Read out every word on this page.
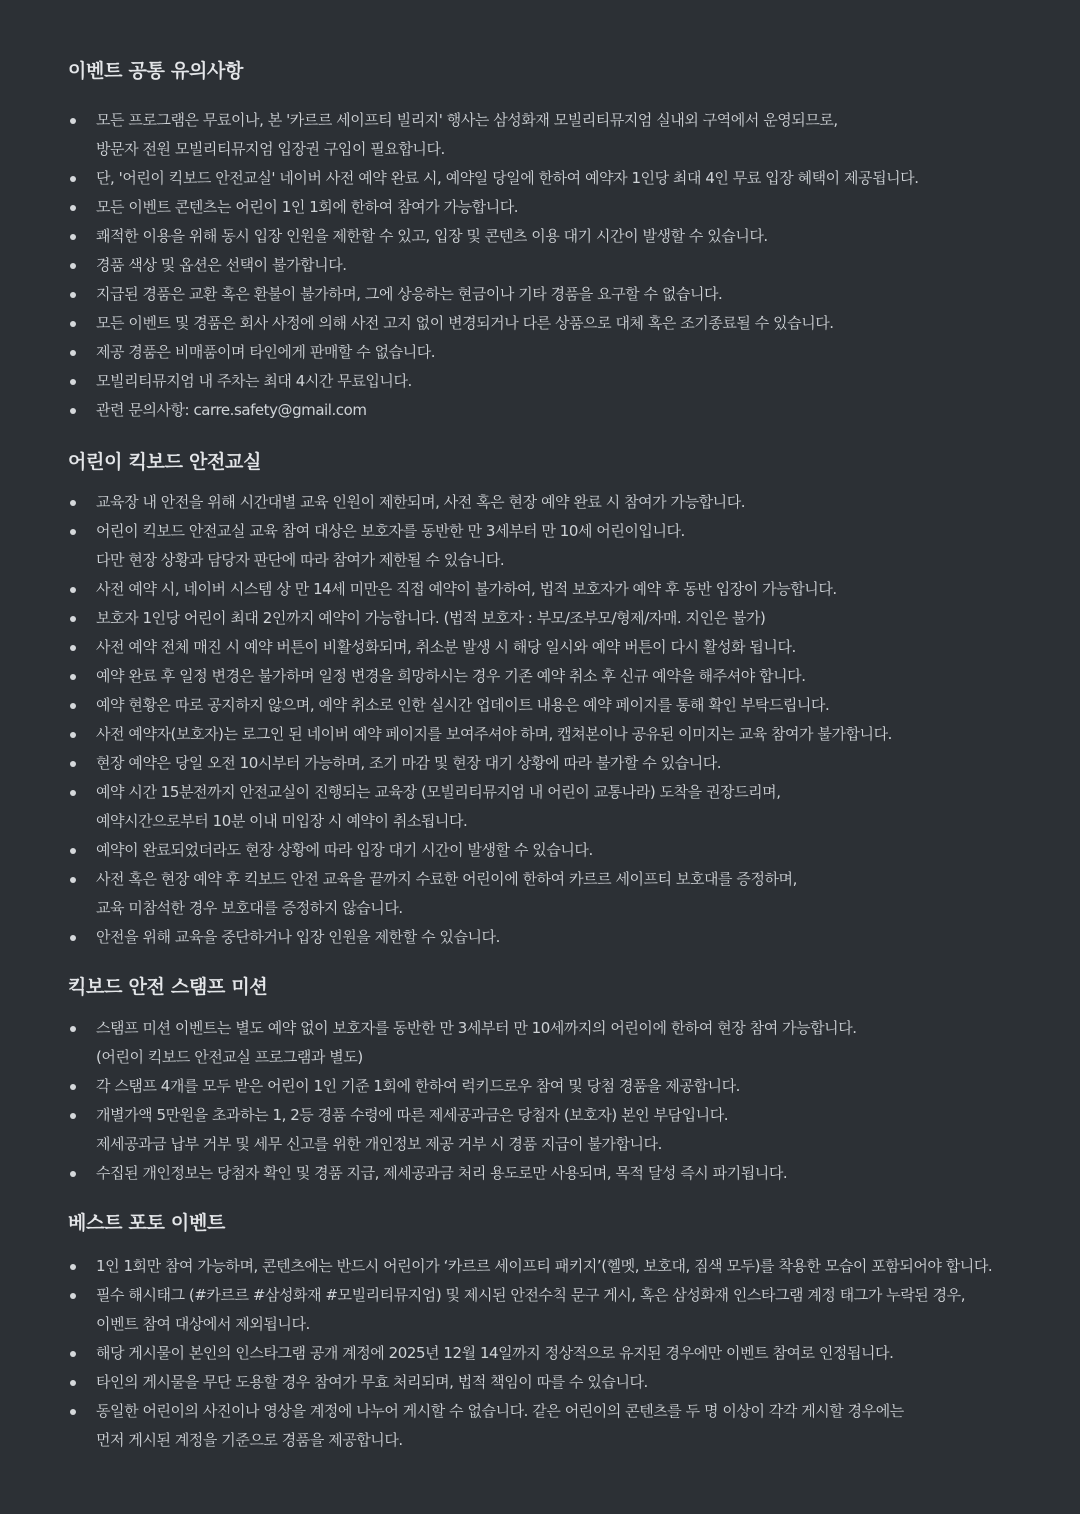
이벤트 공통 유의사항
모든 프로그램은 무료이나, 본 '카르르 세이프티 빌리지' 행사는 삼성화재 모빌리티뮤지엄 실내외 구역에서 운영되므로,
방문자 전원 모빌리티뮤지엄 입장권 구입이 필요합니다.
단, '어린이 킥보드 안전교실' 네이버 사전 예약 완료 시, 예약일 당일에 한하여 예약자 1인당 최대 4인 무료 입장 혜택이 제공됩니다.
모든 이벤트 콘텐츠는 어린이 1인 1회에 한하여 참여가 가능합니다.
쾌적한 이용을 위해 동시 입장 인원을 제한할 수 있고, 입장 및 콘텐츠 이용 대기 시간이 발생할 수 있습니다.
경품 색상 및 옵션은 선택이 불가합니다.
지급된 경품은 교환 혹은 환불이 불가하며, 그에 상응하는 현금이나 기타 경품을 요구할 수 없습니다.
모든 이벤트 및 경품은 회사 사정에 의해 사전 고지 없이 변경되거나 다른 상품으로 대체 혹은 조기종료될 수 있습니다.
제공 경품은 비매품이며 타인에게 판매할 수 없습니다.
모빌리티뮤지엄 내 주차는 최대 4시간 무료입니다.
관련 문의사항: carre.safety@gmail.com
어린이 킥보드 안전교실
교육장 내 안전을 위해 시간대별 교육 인원이 제한되며, 사전 혹은 현장 예약 완료 시 참여가 가능합니다.
어린이 킥보드 안전교실 교육 참여 대상은 보호자를 동반한 만 3세부터 만 10세 어린이입니다.
다만 현장 상황과 담당자 판단에 따라 참여가 제한될 수 있습니다.
사전 예약 시, 네이버 시스템 상 만 14세 미만은 직접 예약이 불가하여, 법적 보호자가 예약 후 동반 입장이 가능합니다.
보호자 1인당 어린이 최대 2인까지 예약이 가능합니다. (법적 보호자 : 부모/조부모/형제/자매. 지인은 불가)
사전 예약 전체 매진 시 예약 버튼이 비활성화되며, 취소분 발생 시 해당 일시와 예약 버튼이 다시 활성화 됩니다.
예약 완료 후 일정 변경은 불가하며 일정 변경을 희망하시는 경우 기존 예약 취소 후 신규 예약을 해주셔야 합니다.
예약 현황은 따로 공지하지 않으며, 예약 취소로 인한 실시간 업데이트 내용은 예약 페이지를 통해 확인 부탁드립니다.
사전 예약자(보호자)는 로그인 된 네이버 예약 페이지를 보여주셔야 하며, 캡쳐본이나 공유된 이미지는 교육 참여가 불가합니다.
현장 예약은 당일 오전 10시부터 가능하며, 조기 마감 및 현장 대기 상황에 따라 불가할 수 있습니다.
예약 시간 15분전까지 안전교실이 진행되는 교육장 (모빌리티뮤지엄 내 어린이 교통나라) 도착을 권장드리며,
예약시간으로부터 10분 이내 미입장 시 예약이 취소됩니다.
예약이 완료되었더라도 현장 상황에 따라 입장 대기 시간이 발생할 수 있습니다.
사전 혹은 현장 예약 후 킥보드 안전 교육을 끝까지 수료한 어린이에 한하여 카르르 세이프티 보호대를 증정하며,
교육 미참석한 경우 보호대를 증정하지 않습니다.
안전을 위해 교육을 중단하거나 입장 인원을 제한할 수 있습니다.
킥보드 안전 스탬프 미션
스탬프 미션 이벤트는 별도 예약 없이 보호자를 동반한 만 3세부터 만 10세까지의 어린이에 한하여 현장 참여 가능합니다.
(어린이 킥보드 안전교실 프로그램과 별도)
각 스탬프 4개를 모두 받은 어린이 1인 기준 1회에 한하여 럭키드로우 참여 및 당첨 경품을 제공합니다.
개별가액 5만원을 초과하는 1, 2등 경품 수령에 따른 제세공과금은 당첨자 (보호자) 본인 부담입니다.
제세공과금 납부 거부 및 세무 신고를 위한 개인정보 제공 거부 시 경품 지급이 불가합니다.
수집된 개인정보는 당첨자 확인 및 경품 지급, 제세공과금 처리 용도로만 사용되며, 목적 달성 즉시 파기됩니다.
베스트 포토 이벤트
1인 1회만 참여 가능하며, 콘텐츠에는 반드시 어린이가 ‘카르르 세이프티 패키지’(헬멧, 보호대, 짐색 모두)를 착용한 모습이 포함되어야 합니다.
필수 해시태그 (#카르르 #삼성화재 #모빌리티뮤지엄) 및 제시된 안전수칙 문구 게시, 혹은 삼성화재 인스타그램 계정 태그가 누락된 경우,
이벤트 참여 대상에서 제외됩니다.
해당 게시물이 본인의 인스타그램 공개 계정에 2025년 12월 14일까지 정상적으로 유지된 경우에만 이벤트 참여로 인정됩니다.
타인의 게시물을 무단 도용할 경우 참여가 무효 처리되며, 법적 책임이 따를 수 있습니다.
동일한 어린이의 사진이나 영상을 계정에 나누어 게시할 수 없습니다. 같은 어린이의 콘텐츠를 두 명 이상이 각각 게시할 경우에는
먼저 게시된 계정을 기준으로 경품을 제공합니다.
